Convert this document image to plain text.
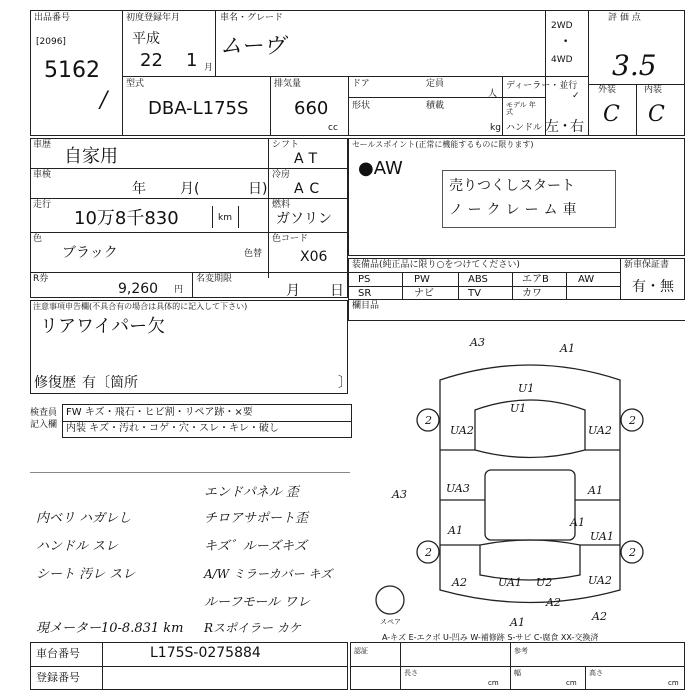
出品番号
[2096]
5162
/
初度登録年月
平成
22 1 月
車名・グレード
ムーヴ
2WD
•
4WD
評 価 点
3.5
外装	内装
C C
型式
DBA-L175S
排気量
660
cc
ドア	定員
人
形状	積載
kg
ディーラー・並行
✓
モデル 年式
ハンドル 左 ・
右
車歴
自家用
シフト
AT
車検
年 月(	日)
冷房
AC
走行
10万8千830	km
燃料
ガソリン
色
ブラック	色替
色コード
X06
R券
9,260 円
名変期限
月 日
セールスポイント(正常に機能するものに限ります)
●AW
売りつくしスタート
ノークレーム車
装備品(純正品に限り○をつけてください)	新車保証書
有・無
PS	PW	ABS	エアB	AW
SR	ナビ	TV	カワ
欄目品
注意事項申告欄(不具合有の場合は具体的に記入して下さい)
リアワイパー欠
修復歴 有〔箇所	〕
検査員
記入欄
FW キズ・飛石・ヒビ割・リペア跡・×要
内装 キズ・汚れ・コゲ・穴・スレ・キレ・破し
内ベリ ハガレし
ハンドル スレ
シート 汚レ スレ
エンドパネル 歪
チロアサポート歪
キズ゛ルーズキズ
A/W ミラーカバー キズ
ルーフモール ワレ
現メーター10-8.831 km Rスポイラー カケ
A3	A1
U1
U1
2	2
2	2
UA2	UA2
A3	UA3	A1
A1	UA1
A1
A2	UA1 U2
A2
UA2
A2
A1
スペア
A-キズ E-エクボ U-凹み W-補修跡 S-サビ C-腐食 XX-交換済
車台番号	L175S-0275884
登録番号
認証	参考
長さ	幅	高さ
cm	cm	cm
